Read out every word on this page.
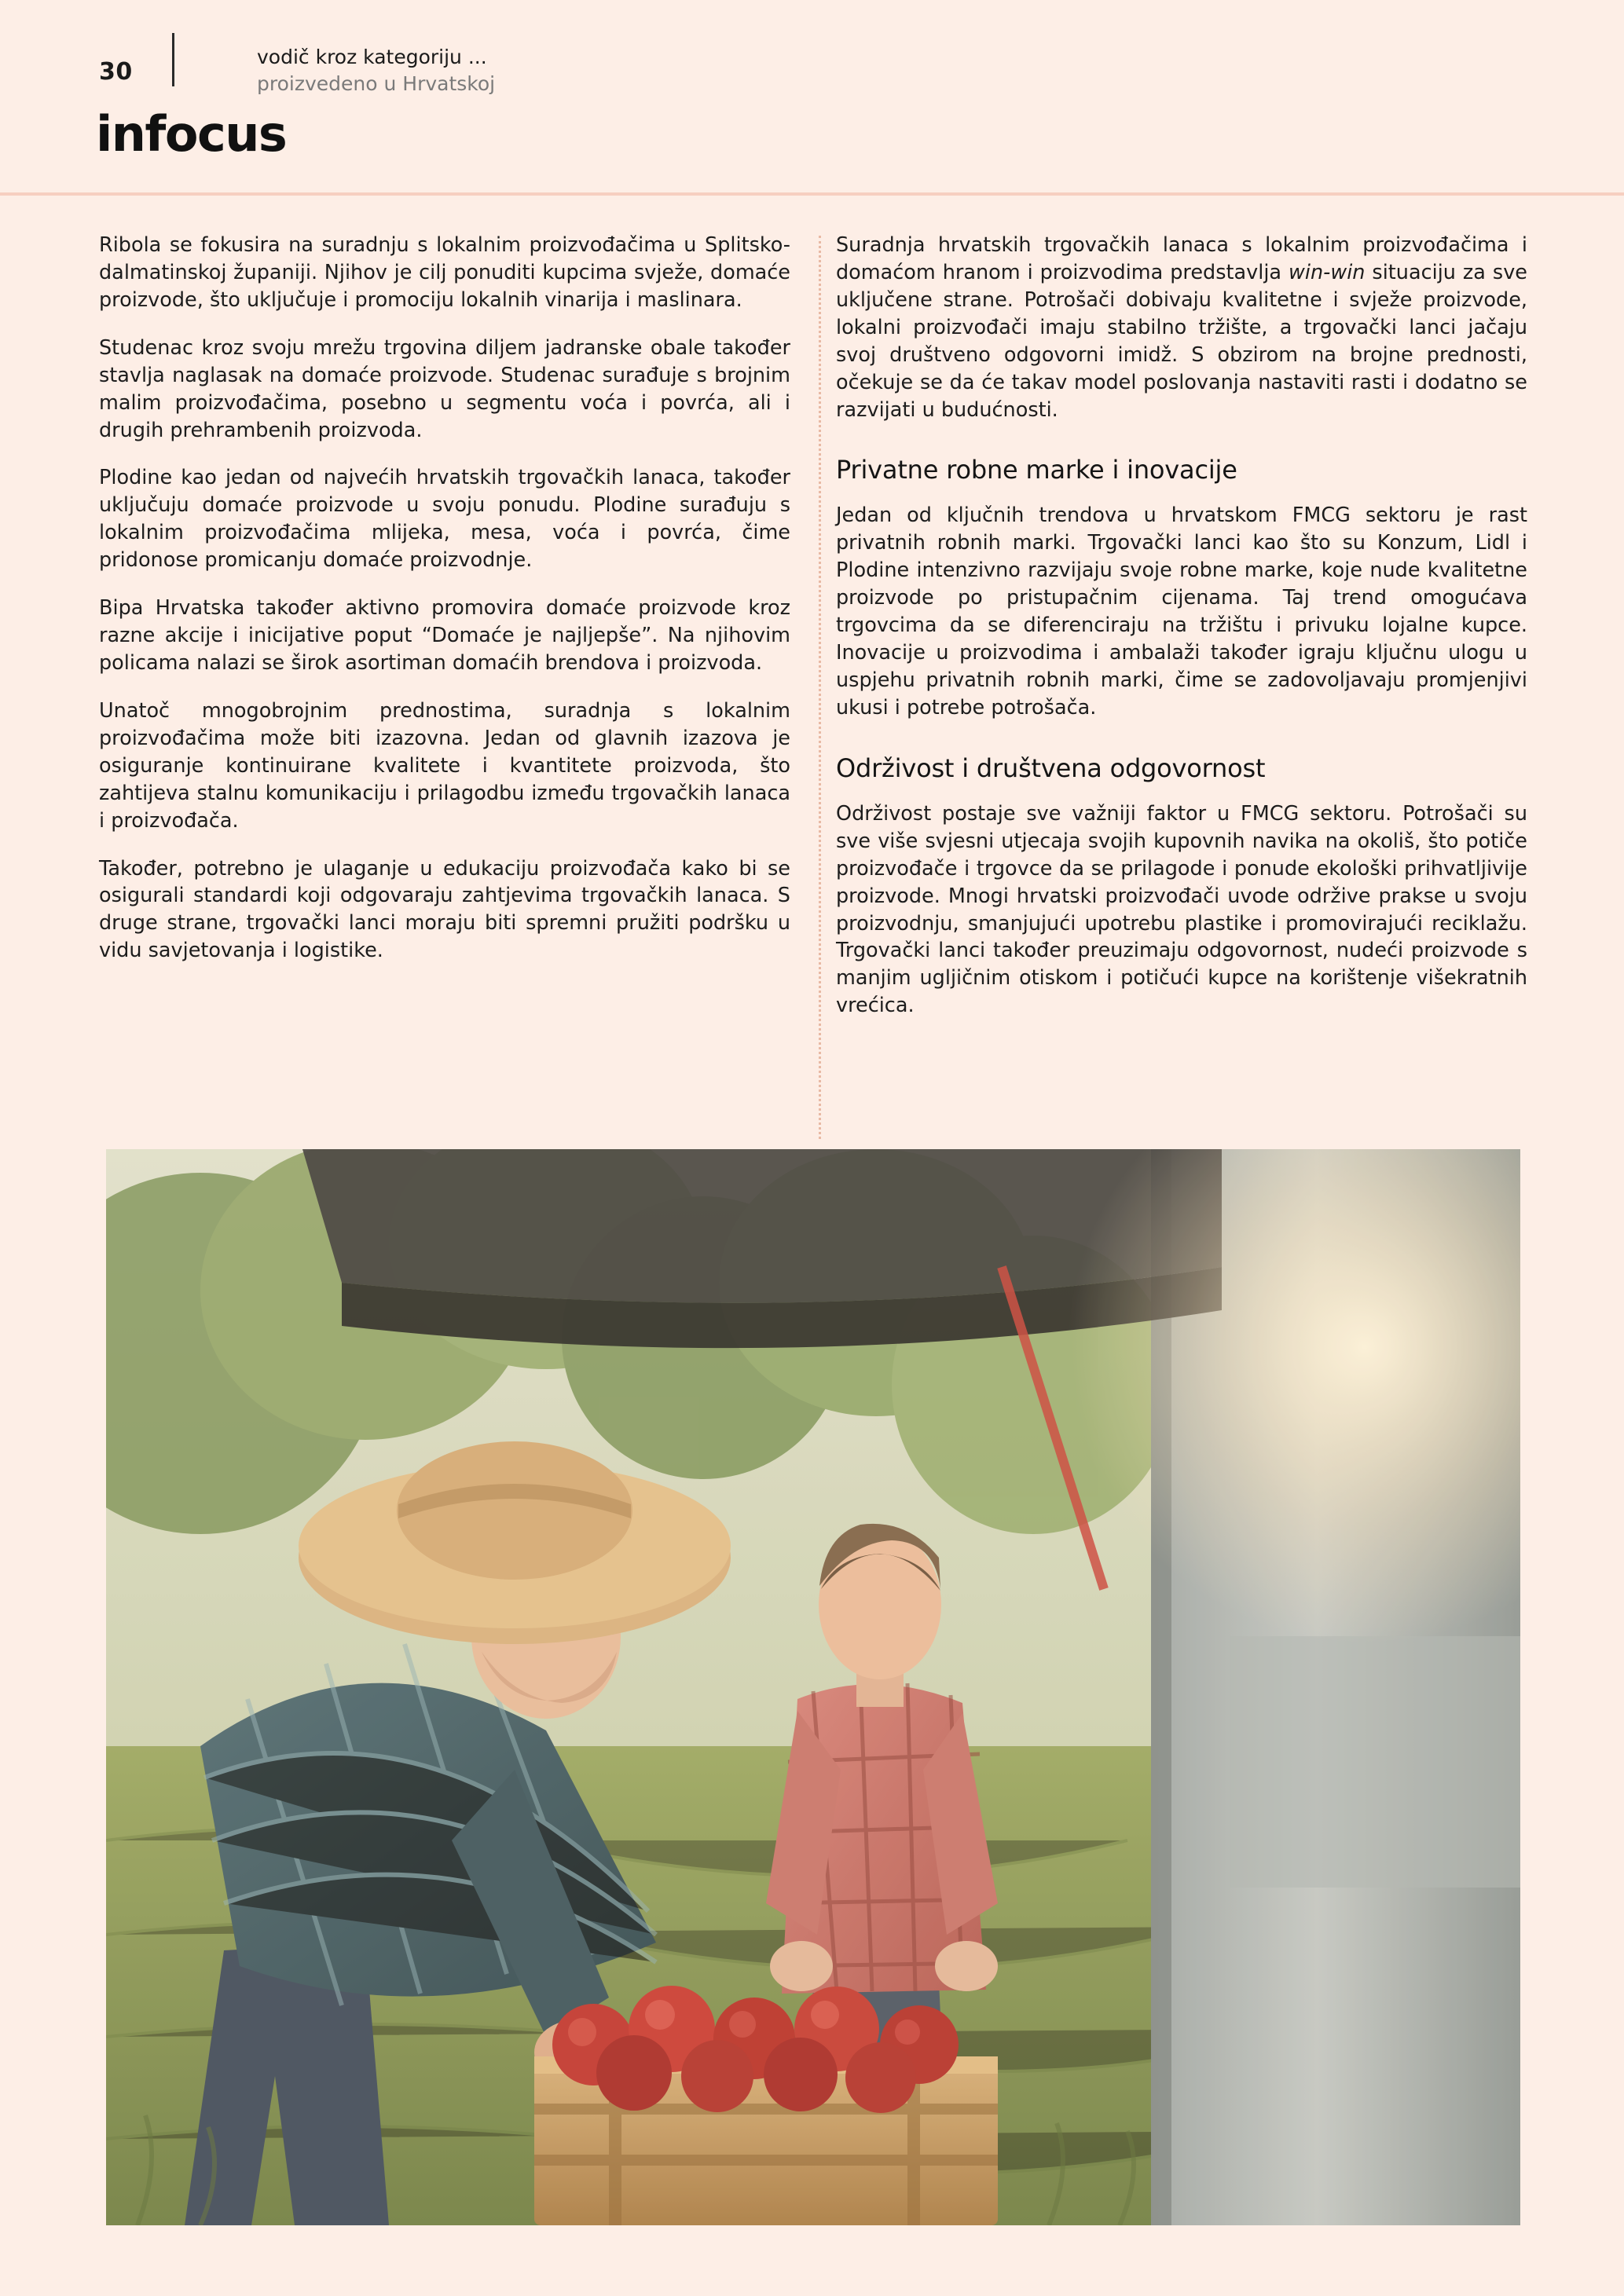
30
vodič kroz kategoriju ...
proizvedeno u Hrvatskoj
infocus

Ribola se fokusira na suradnju s lokalnim proizvođačima u Splitsko-dalmatinskoj županiji. Njihov je cilj ponuditi kupcima svježe, domaće proizvode, što uključuje i promociju lokalnih vinarija i maslinara.

Studenac kroz svoju mrežu trgovina diljem jadranske obale također stavlja naglasak na domaće proizvode. Studenac surađuje s brojnim malim proizvođačima, posebno u segmentu voća i povrća, ali i drugih prehrambenih proizvoda.

Plodine kao jedan od najvećih hrvatskih trgovačkih lanaca, također uključuju domaće proizvode u svoju ponudu. Plodine surađuju s lokalnim proizvođačima mlijeka, mesa, voća i povrća, čime pridonose promicanju domaće proizvodnje.

Bipa Hrvatska također aktivno promovira domaće proizvode kroz razne akcije i inicijative poput “Domaće je najljepše”. Na njihovim policama nalazi se širok asortiman domaćih brendova i proizvoda.

Unatoč mnogobrojnim prednostima, suradnja s lokalnim proizvođačima može biti izazovna. Jedan od glavnih izazova je osiguranje kontinuirane kvalitete i kvantitete proizvoda, što zahtijeva stalnu komunikaciju i prilagodbu između trgovačkih lanaca i proizvođača.

Također, potrebno je ulaganje u edukaciju proizvođača kako bi se osigurali standardi koji odgovaraju zahtjevima trgovačkih lanaca. S druge strane, trgovački lanci moraju biti spremni pružiti podršku u vidu savjetovanja i logistike.

Suradnja hrvatskih trgovačkih lanaca s lokalnim proizvođačima i domaćom hranom i proizvodima predstavlja win-win situaciju za sve uključene strane. Potrošači dobivaju kvalitetne i svježe proizvode, lokalni proizvođači imaju stabilno tržište, a trgovački lanci jačaju svoj društveno odgovorni imidž. S obzirom na brojne prednosti, očekuje se da će takav model poslovanja nastaviti rasti i dodatno se razvijati u budućnosti.

Privatne robne marke i inovacije

Jedan od ključnih trendova u hrvatskom FMCG sektoru je rast privatnih robnih marki. Trgovački lanci kao što su Konzum, Lidl i Plodine intenzivno razvijaju svoje robne marke, koje nude kvalitetne proizvode po pristupačnim cijenama. Taj trend omogućava trgovcima da se diferenciraju na tržištu i privuku lojalne kupce. Inovacije u proizvodima i ambalaži također igraju ključnu ulogu u uspjehu privatnih robnih marki, čime se zadovoljavaju promjenjivi ukusi i potrebe potrošača.

Održivost i društvena odgovornost

Održivost postaje sve važniji faktor u FMCG sektoru. Potrošači su sve više svjesni utjecaja svojih kupovnih navika na okoliš, što potiče proizvođače i trgovce da se prilagode i ponude ekološki prihvatljivije proizvode. Mnogi hrvatski proizvođači uvode održive prakse u svoju proizvodnju, smanjujući upotrebu plastike i promovirajući reciklažu. Trgovački lanci također preuzimaju odgovornost, nudeći proizvode s manjim ugljičnim otiskom i potičući kupce na korištenje višekratnih vrećica.
